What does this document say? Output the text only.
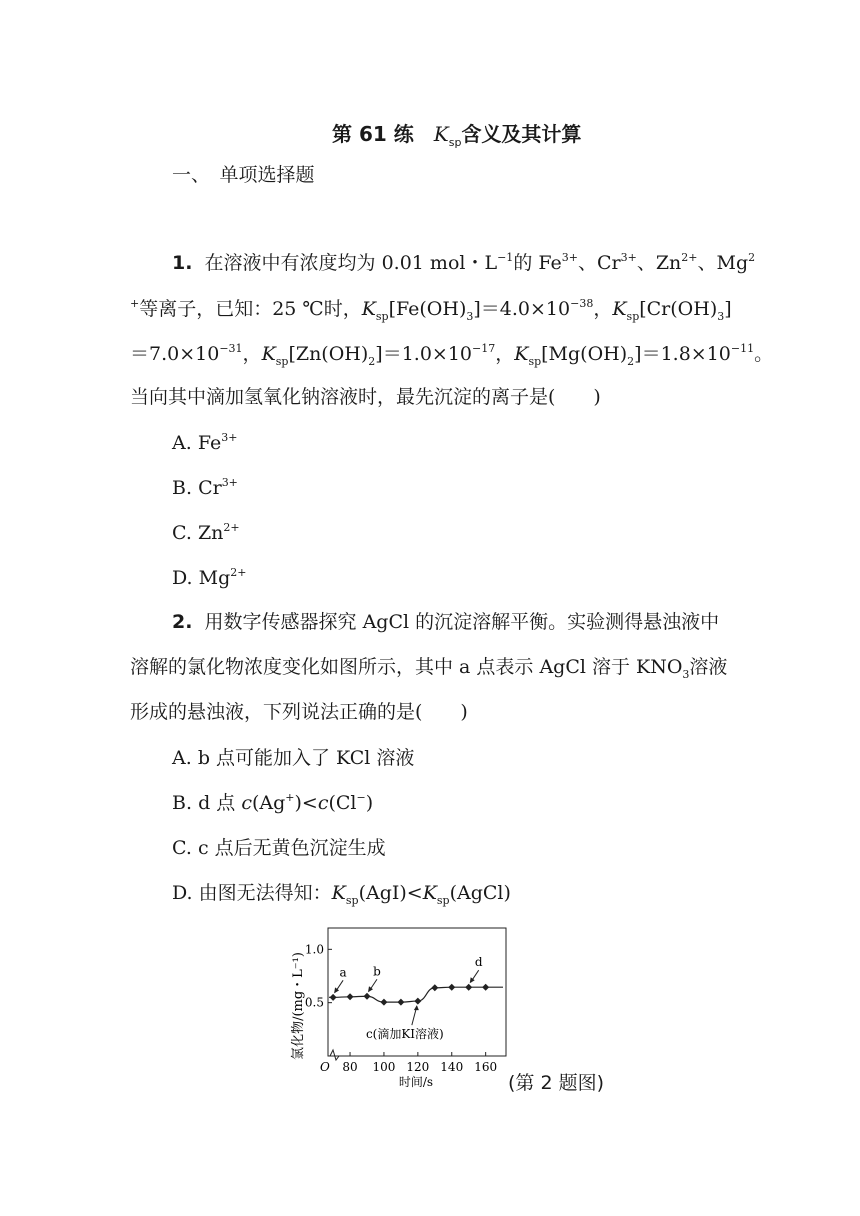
第 61 练　 $K_{sp}$含义及其计算
一、　 单项选择题
1. 在溶液中有浓度均为 0.01 mol・$L^{-1}$的 $Fe^{3+}$、$Cr^{3+}$、$Zn^{2+}$、Mg$^2$
+等离子，已知：25 ℃时，$K_{sp}[Fe(OH)_3]=4.0\times 10^{-38}$，$K_{sp}[Cr(OH)_3]$
$=7.0\times 10^{-31}$，$K_{sp}[Zn(OH)_2]=1.0\times 10^{-17}$，$K_{sp}[Mg(OH)_2]=1.8\times 10^{-11}$。
当向其中滴加氢氧化钠溶液时，最先沉淀的离子是(　　)
A. $Fe^{3+}$
B. $Cr^{3+}$
C. $Zn^{2+}$
D. $Mg^{2+}$
2. 用数字传感器探究 AgCl 的沉淀溶解平衡。实验测得悬浊液中
溶解的氯化物浓度变化如图所示，其中 a 点表示 AgCl 溶于 $KNO_3$溶液
形成的悬浊液，下列说法正确的是(　　)
A. b 点可能加入了 KCl 溶液
B. d 点 c(Ag+)<c(Cl−)
C. c 点后无黄色沉淀生成
D. 由图无法得知：$K_{sp}(AgI)<K_{sp}(AgCl)$
氯化物/(mg・L⁻¹)
O
时间/s
0.5
1.0
80 100 120 140 160
a b
c(滴加KI溶液)
d
(第 2 题图)
